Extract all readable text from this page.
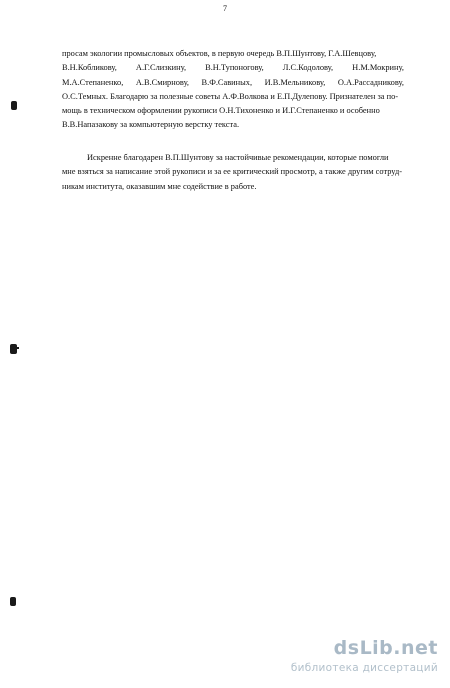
7
просам экологии промысловых объектов, в первую очередь В.П.Шунтову, Г.А.Шевцову,
В.Н.Кобликову, А.Г.Слизкину, В.Н.Тупоногову, Л.С.Кодолову, Н.М.Мокрину,
М.А.Степаненко, А.В.Смирнову, В.Ф.Савиных, И.В.Мельникову, О.А.Рассадникову,
О.С.Темных. Благодарю за полезные советы А.Ф.Волкова и Е.П.Дулепову. Признателен за по-
мощь в техническом оформлении рукописи О.Н.Тихоненко и И.Г.Степаненко и особенно
В.В.Напазакову за компьютерную верстку текста.
Искренне благодарен В.П.Шунтову за настойчивые рекомендации, которые помогли
мне взяться за написание этой рукописи и за ее критический просмотр, а также другим сотруд-
никам института, оказавшим мне содействие в работе.
dsLib.net
библиотека диссертаций
